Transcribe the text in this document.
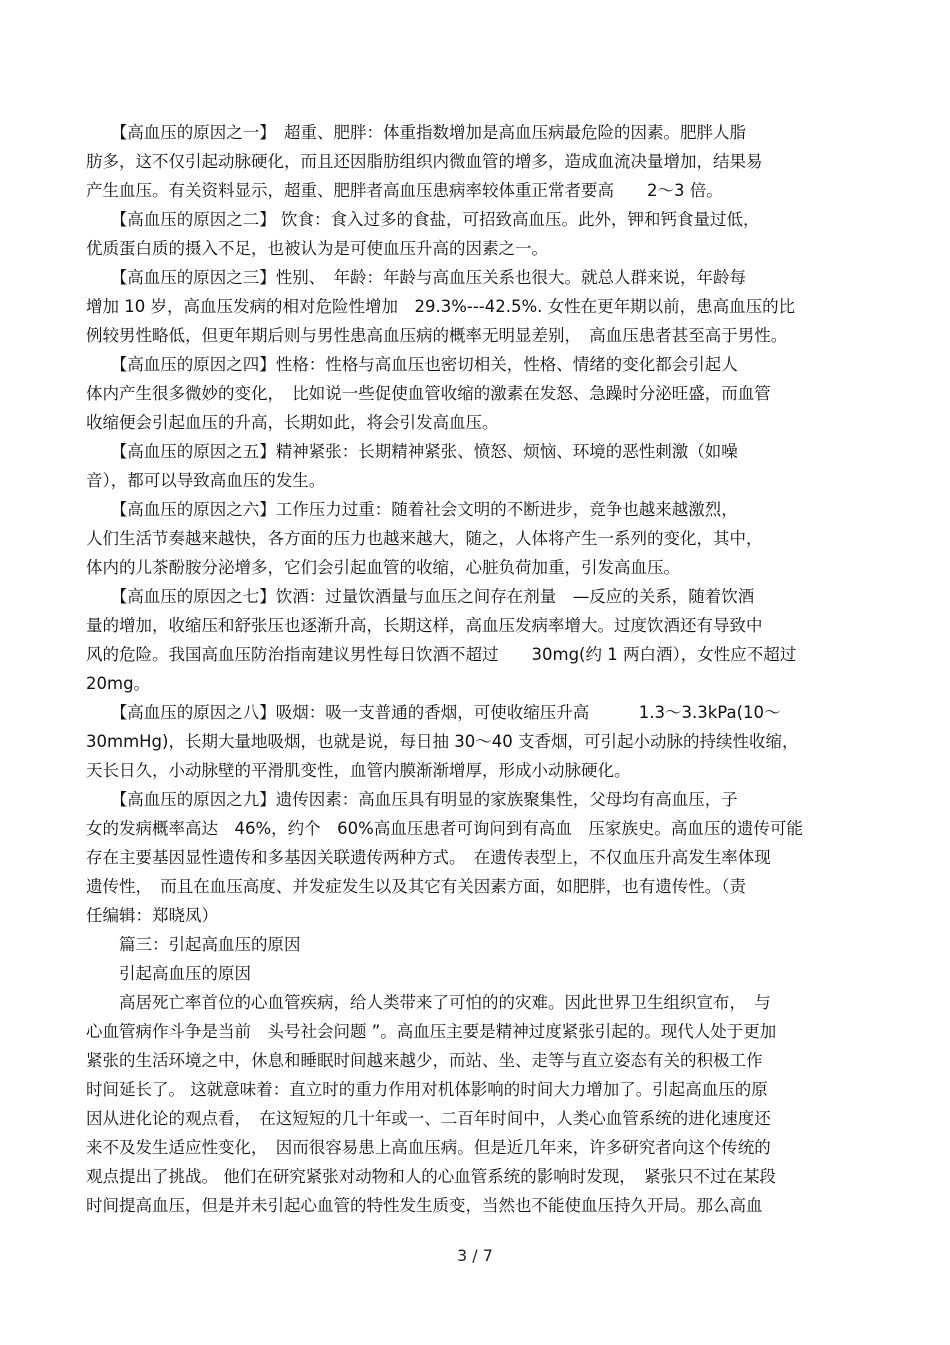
　　【高血压的原因之一】　超重、肥胖：体重指数增加是高血压病最危险的因素。肥胖人脂
肪多，这不仅引起动脉硬化，而且还因脂肪组织内微血管的增多，造成血流决量增加，结果易
产生血压。有关资料显示，超重、肥胖者高血压患病率较体重正常者要高　　2～3 倍。
　　【高血压的原因之二】 饮食：食入过多的食盐，可招致高血压。此外，钾和钙食量过低，
优质蛋白质的摄入不足，也被认为是可使血压升高的因素之一。
　　【高血压的原因之三】性别、　年龄：年龄与高血压关系也很大。就总人群来说，年龄每
增加 10 岁，高血压发病的相对危险性增加　29.3%---42.5%. 女性在更年期以前，患高血压的比
例较男性略低，但更年期后则与男性患高血压病的概率无明显差别，　高血压患者甚至高于男性。
　　【高血压的原因之四】性格：性格与高血压也密切相关，性格、情绪的变化都会引起人
体内产生很多微妙的变化，　比如说一些促使血管收缩的激素在发怒、急躁时分泌旺盛，而血管
收缩便会引起血压的升高，长期如此，将会引发高血压。
　　【高血压的原因之五】精神紧张：长期精神紧张、愤怒、烦恼、环境的恶性刺激（如噪
音），都可以导致高血压的发生。
　　【高血压的原因之六】工作压力过重：随着社会文明的不断进步，竞争也越来越激烈，
人们生活节奏越来越快，各方面的压力也越来越大，随之，人体将产生一系列的变化，其中，
体内的儿茶酚胺分泌增多，它们会引起血管的收缩，心脏负荷加重，引发高血压。
　　【高血压的原因之七】饮酒：过量饮酒量与血压之间存在剂量　—反应的关系，随着饮酒
量的增加，收缩压和舒张压也逐渐升高，长期这样，高血压发病率增大。过度饮酒还有导致中
风的危险。我国高血压防治指南建议男性每日饮酒不超过　　30mg(约 1 两白酒），女性应不超过
20mg。
　　【高血压的原因之八】吸烟：吸一支普通的香烟，可使收缩压升高　　　1.3～3.3kPa(10～
30mmHg)，长期大量地吸烟，也就是说，每日抽 30～40 支香烟，可引起小动脉的持续性收缩，
天长日久，小动脉壁的平滑肌变性，血管内膜渐渐增厚，形成小动脉硬化。
　　【高血压的原因之九】遗传因素：高血压具有明显的家族聚集性，父母均有高血压，子
女的发病概率高达　46%，约个　60%高血压患者可询问到有高血　压家族史。高血压的遗传可能
存在主要基因显性遗传和多基因关联遗传两种方式。　在遗传表型上，不仅血压升高发生率体现
遗传性，　而且在血压高度、并发症发生以及其它有关因素方面，如肥胖，也有遗传性。（责
任编辑：郑晓凤）
　　篇三：引起高血压的原因
　　引起高血压的原因
　　高居死亡率首位的心血管疾病，给人类带来了可怕的的灾难。因此世界卫生组织宣布，　与
心血管病作斗争是当前　头号社会问题 ”。高血压主要是精神过度紧张引起的。现代人处于更加
紧张的生活环境之中，休息和睡眠时间越来越少，而站、坐、走等与直立姿态有关的积极工作
时间延长了。 这就意味着：直立时的重力作用对机体影响的时间大力增加了。引起高血压的原
因从进化论的观点看，　在这短短的几十年或一、二百年时间中，人类心血管系统的进化速度还
来不及发生适应性变化，　因而很容易患上高血压病。但是近几年来，许多研究者向这个传统的
观点提出了挑战。 他们在研究紧张对动物和人的心血管系统的影响时发现，　紧张只不过在某段
时间提高血压，但是并未引起心血管的特性发生质变，当然也不能使血压持久开局。那么高血
3 / 7
